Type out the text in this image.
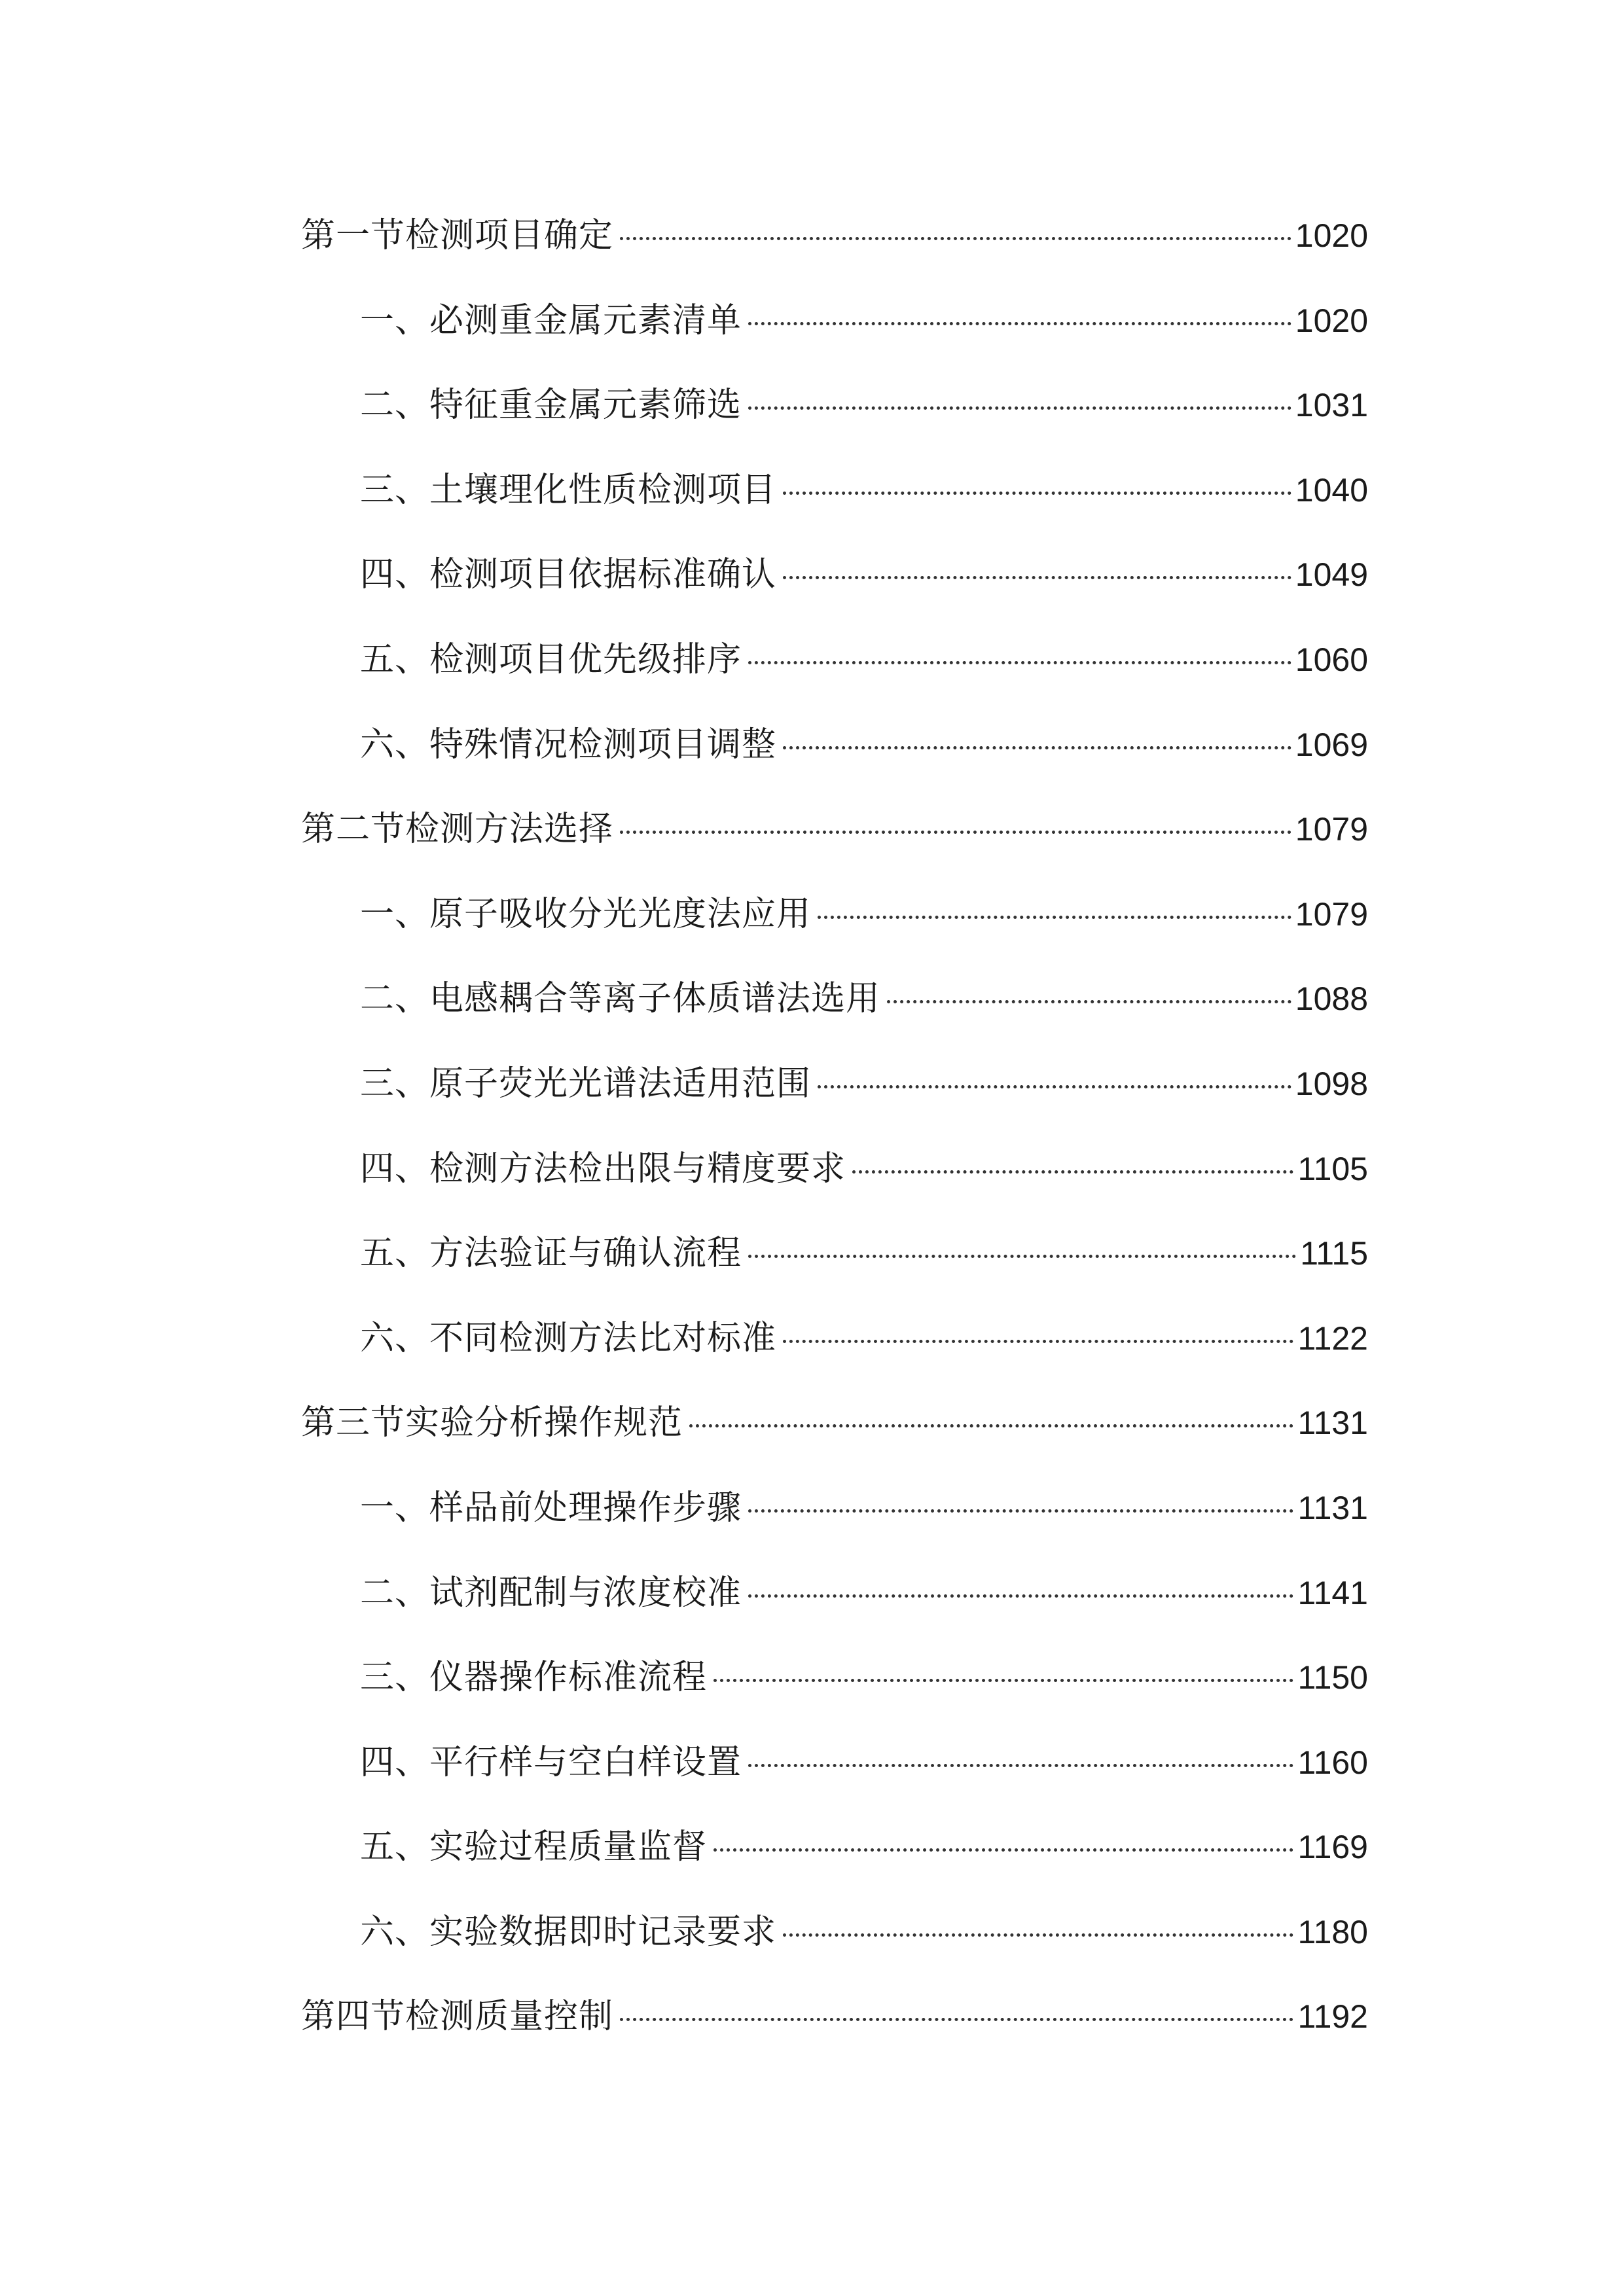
第一节检测项目确定	1020
一、必测重金属元素清单	1020
二、特征重金属元素筛选	1031
三、土壤理化性质检测项目	1040
四、检测项目依据标准确认	1049
五、检测项目优先级排序	1060
六、特殊情况检测项目调整	1069
第二节检测方法选择	1079
一、原子吸收分光光度法应用	1079
二、电感耦合等离子体质谱法选用	1088
三、原子荧光光谱法适用范围	1098
四、检测方法检出限与精度要求	1105
五、方法验证与确认流程	1115
六、不同检测方法比对标准	1122
第三节实验分析操作规范	1131
一、样品前处理操作步骤	1131
二、试剂配制与浓度校准	1141
三、仪器操作标准流程	1150
四、平行样与空白样设置	1160
五、实验过程质量监督	1169
六、实验数据即时记录要求	1180
第四节检测质量控制	1192
